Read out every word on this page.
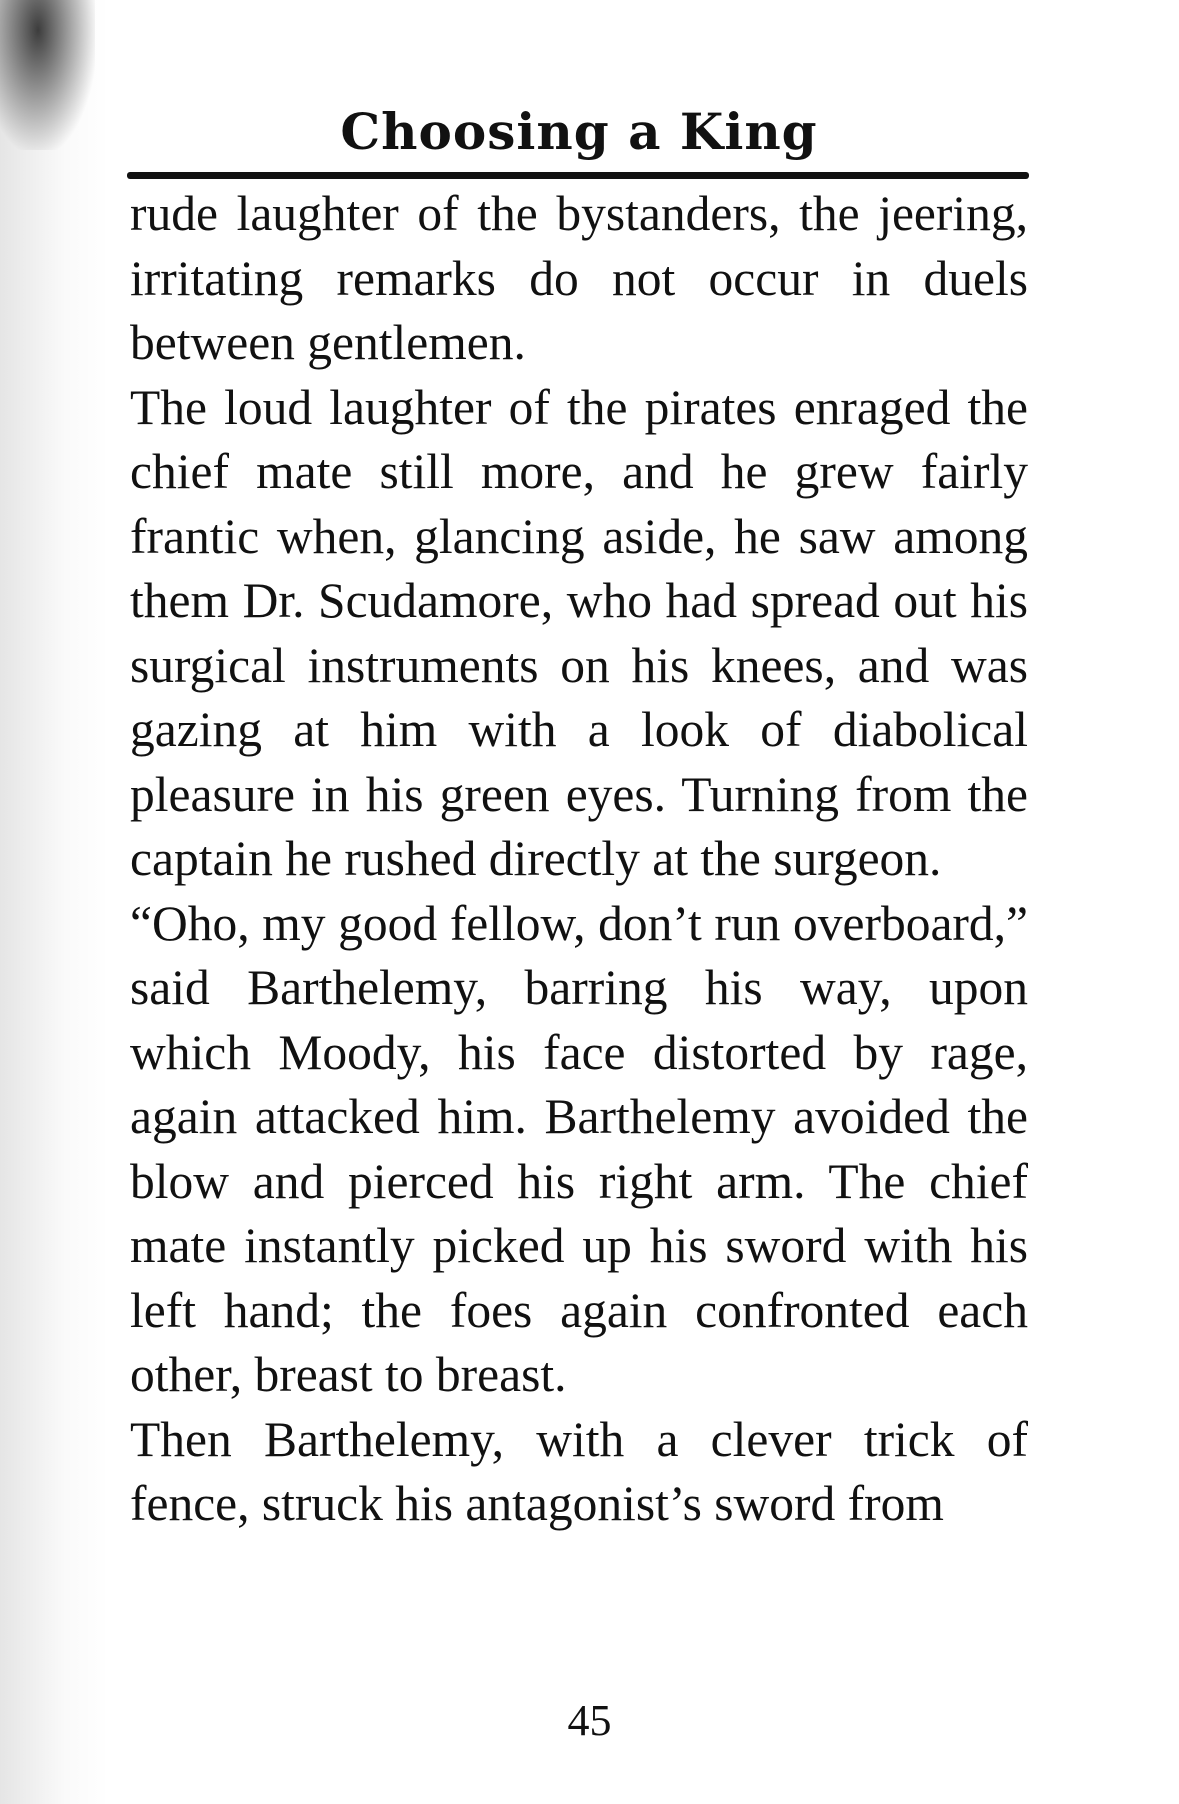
Choosing a King

rude laughter of the bystanders, the jeering, irritating remarks do not occur in duels between gentlemen.

The loud laughter of the pirates enraged the chief mate still more, and he grew fairly frantic when, glancing aside, he saw among them Dr. Scudamore, who had spread out his surgical instruments on his knees, and was gazing at him with a look of diabolical pleasure in his green eyes. Turning from the captain he rushed directly at the surgeon.

“Oho, my good fellow, don’t run overboard,” said Barthelemy, barring his way, upon which Moody, his face distorted by rage, again attacked him. Barthelemy avoided the blow and pierced his right arm. The chief mate instantly picked up his sword with his left hand; the foes again confronted each other, breast to breast.

Then Barthelemy, with a clever trick of fence, struck his antagonist’s sword from

45
